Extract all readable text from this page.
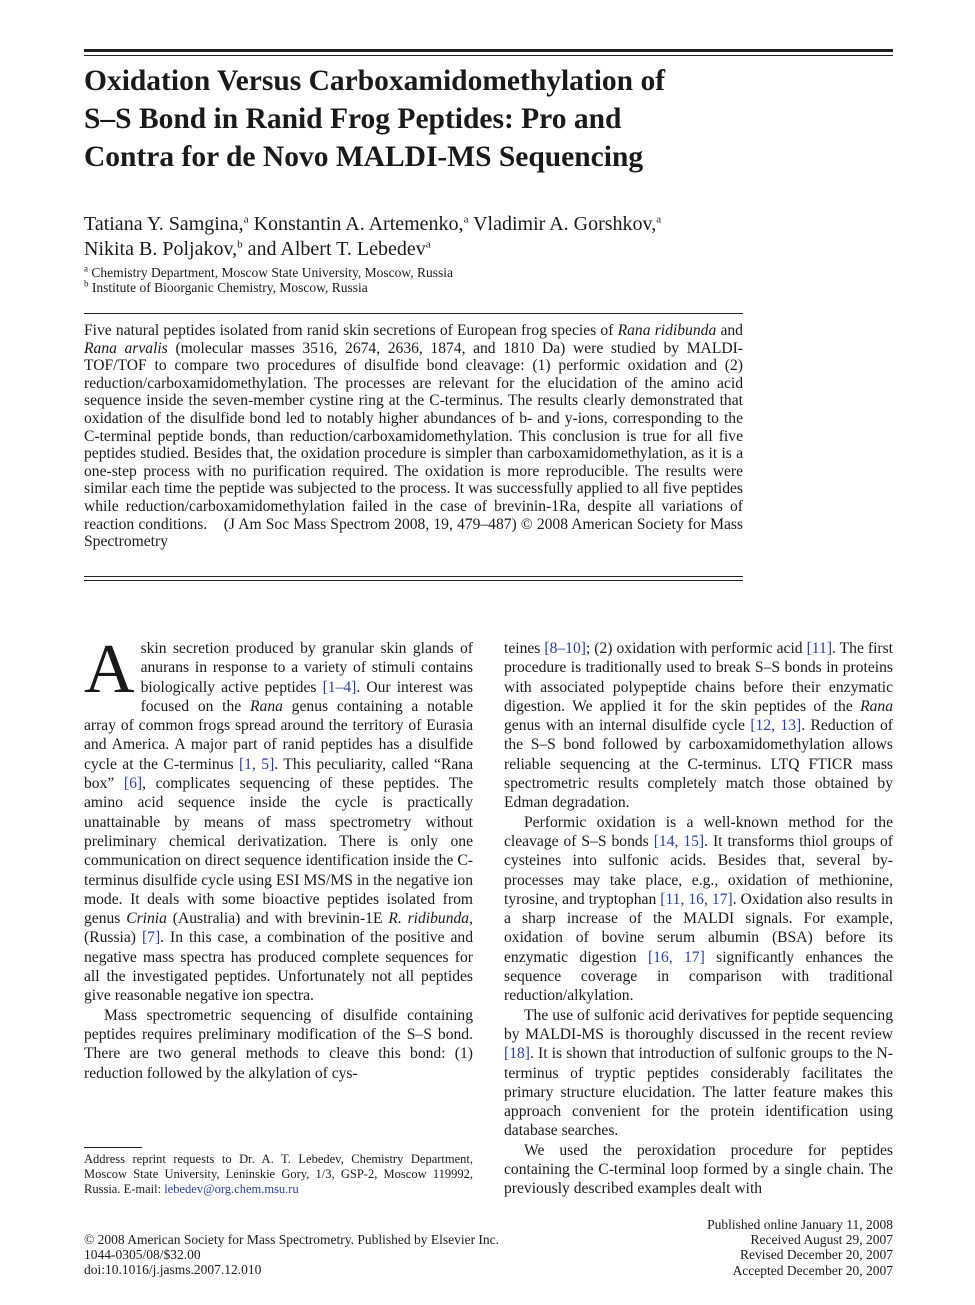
Oxidation Versus Carboxamidomethylation of
S–S Bond in Ranid Frog Peptides: Pro and
Contra for de Novo MALDI-MS Sequencing
Tatiana Y. Samgina,$^a$ Konstantin A. Artemenko,$^a$ Vladimir A. Gorshkov,$^a$
Nikita B. Poljakov,$^b$ and Albert T. Lebedev$^a$
$^a$ Chemistry Department, Moscow State University, Moscow, Russia
$^b$ Institute of Bioorganic Chemistry, Moscow, Russia
Five natural peptides isolated from ranid skin secretions of European frog species of Rana ridibunda and Rana arvalis (molecular masses 3516, 2674, 2636, 1874, and 1810 Da) were studied by MALDI-TOF/TOF to compare two procedures of disulfide bond cleavage: (1) performic oxidation and (2) reduction/carboxamidomethylation. The processes are relevant for the elucidation of the amino acid sequence inside the seven-member cystine ring at the C-terminus. The results clearly demonstrated that oxidation of the disulfide bond led to notably higher abundances of b- and y-ions, corresponding to the C-terminal peptide bonds, than reduction/carboxamidomethylation. This conclusion is true for all five peptides studied. Besides that, the oxidation procedure is simpler than carboxamidomethylation, as it is a one-step process with no purification required. The oxidation is more reproducible. The results were similar each time the peptide was subjected to the process. It was successfully applied to all five peptides while reduction/carboxamidomethylation failed in the case of brevinin-1Ra, despite all variations of reaction conditions.    (J Am Soc Mass Spectrom 2008, 19, 479–487) © 2008 American Society for Mass Spectrometry

Askin secretion produced by granular skin glands of anurans in response to a variety of stimuli contains biologically active peptides [1–4]. Our interest was focused on the Rana genus containing a notable array of common frogs spread around the territory of Eurasia and America. A major part of ranid peptides has a disulfide cycle at the C-terminus [1, 5]. This peculiarity, called “Rana box” [6], complicates sequencing of these peptides. The amino acid sequence inside the cycle is practically unattainable by means of mass spectrometry without preliminary chemical derivatization. There is only one communication on direct sequence identification inside the C-terminus disulfide cycle using ESI MS/MS in the negative ion mode. It deals with some bioactive peptides isolated from genus Crinia (Australia) and with brevinin-1E R. ridibunda, (Russia) [7]. In this case, a combination of the positive and negative mass spectra has produced complete sequences for all the investigated peptides. Unfortunately not all peptides give reasonable negative ion spectra.

Mass spectrometric sequencing of disulfide containing peptides requires preliminary modification of the S–S bond. There are two general methods to cleave this bond: (1) reduction followed by the alkylation of cys-

Address reprint requests to Dr. A. T. Lebedev, Chemistry Department, Moscow State University, Leninskie Gory, 1/3, GSP-2, Moscow 119992, Russia. E-mail: lebedev@org.chem.msu.ru

teines [8–10]; (2) oxidation with performic acid [11]. The first procedure is traditionally used to break S–S bonds in proteins with associated polypeptide chains before their enzymatic digestion. We applied it for the skin peptides of the Rana genus with an internal disulfide cycle [12, 13]. Reduction of the S–S bond followed by carboxamidomethylation allows reliable sequencing at the C-terminus. LTQ FTICR mass spectrometric results completely match those obtained by Edman degradation.

Performic oxidation is a well-known method for the cleavage of S–S bonds [14, 15]. It transforms thiol groups of cysteines into sulfonic acids. Besides that, several by-processes may take place, e.g., oxidation of methionine, tyrosine, and tryptophan [11, 16, 17]. Oxidation also results in a sharp increase of the MALDI signals. For example, oxidation of bovine serum albumin (BSA) before its enzymatic digestion [16, 17] significantly enhances the sequence coverage in comparison with traditional reduction/alkylation.

The use of sulfonic acid derivatives for peptide sequencing by MALDI-MS is thoroughly discussed in the recent review [18]. It is shown that introduction of sulfonic groups to the N-terminus of tryptic peptides considerably facilitates the primary structure elucidation. The latter feature makes this approach convenient for the protein identification using database searches.

We used the peroxidation procedure for peptides containing the C-terminal loop formed by a single chain. The previously described examples dealt with

© 2008 American Society for Mass Spectrometry. Published by Elsevier Inc.
1044-0305/08/$32.00
doi:10.1016/j.jasms.2007.12.010
Published online January 11, 2008
Received August 29, 2007
Revised December 20, 2007
Accepted December 20, 2007
